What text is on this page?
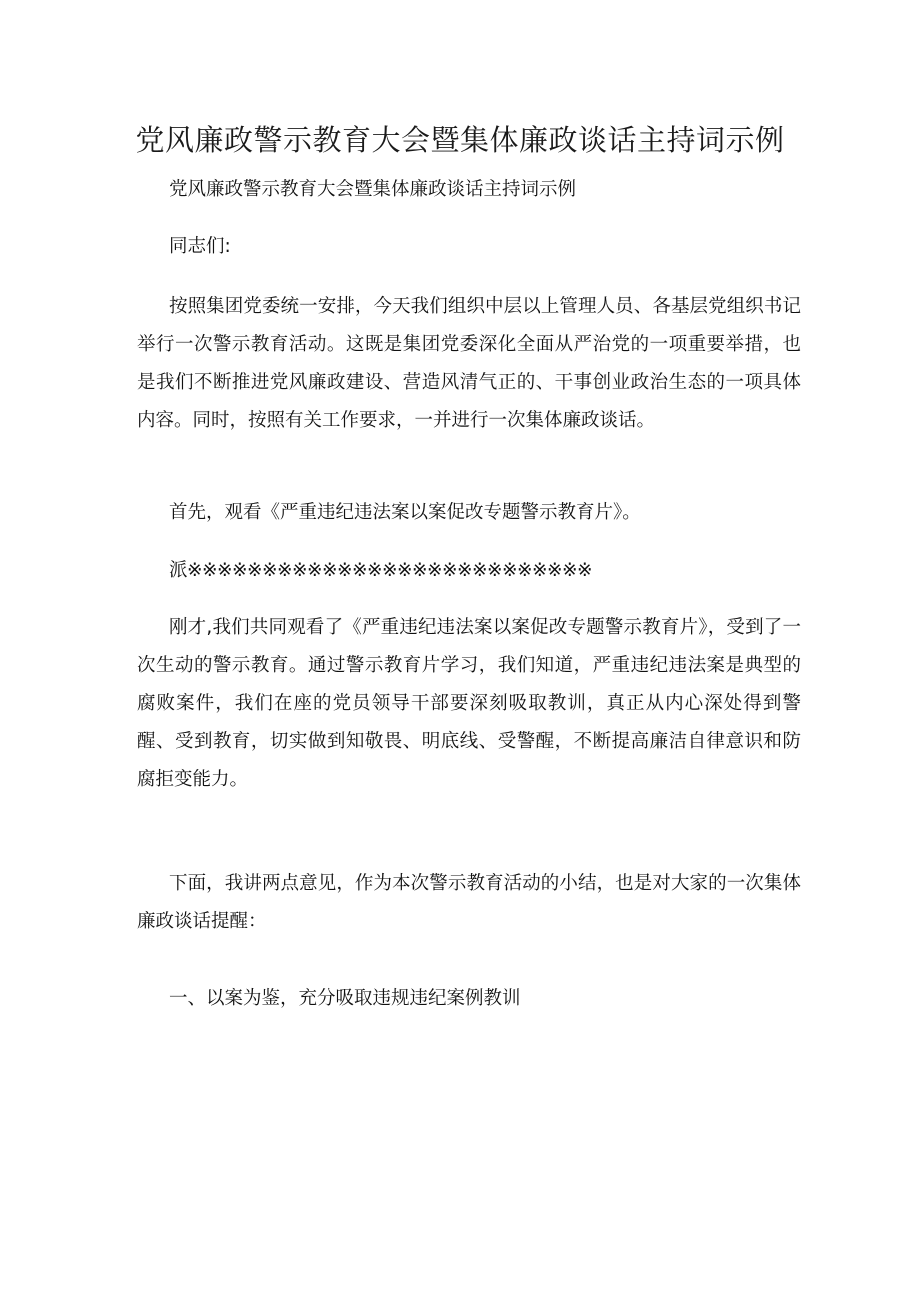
党风廉政警示教育大会暨集体廉政谈话主持词示例

党风廉政警示教育大会暨集体廉政谈话主持词示例

同志们:

按照集团党委统一安排，今天我们组织中层以上管理人员、各基层党组织书记举行一次警示教育活动。这既是集团党委深化全面从严治党的一项重要举措，也是我们不断推进党风廉政建设、营造风清气正的、干事创业政治生态的一项具体内容。同时，按照有关工作要求，一并进行一次集体廉政谈话。

首先，观看《严重违纪违法案以案促改专题警示教育片》。

派※※※※※※※※※※※※※※※※※※※※※※※※※※※

刚才,我们共同观看了《严重违纪违法案以案促改专题警示教育片》，受到了一次生动的警示教育。通过警示教育片学习，我们知道，严重违纪违法案是典型的腐败案件，我们在座的党员领导干部要深刻吸取教训，真正从内心深处得到警醒、受到教育，切实做到知敬畏、明底线、受警醒，不断提高廉洁自律意识和防腐拒变能力。

下面，我讲两点意见，作为本次警示教育活动的小结，也是对大家的一次集体廉政谈话提醒：

一、以案为鉴，充分吸取违规违纪案例教训
